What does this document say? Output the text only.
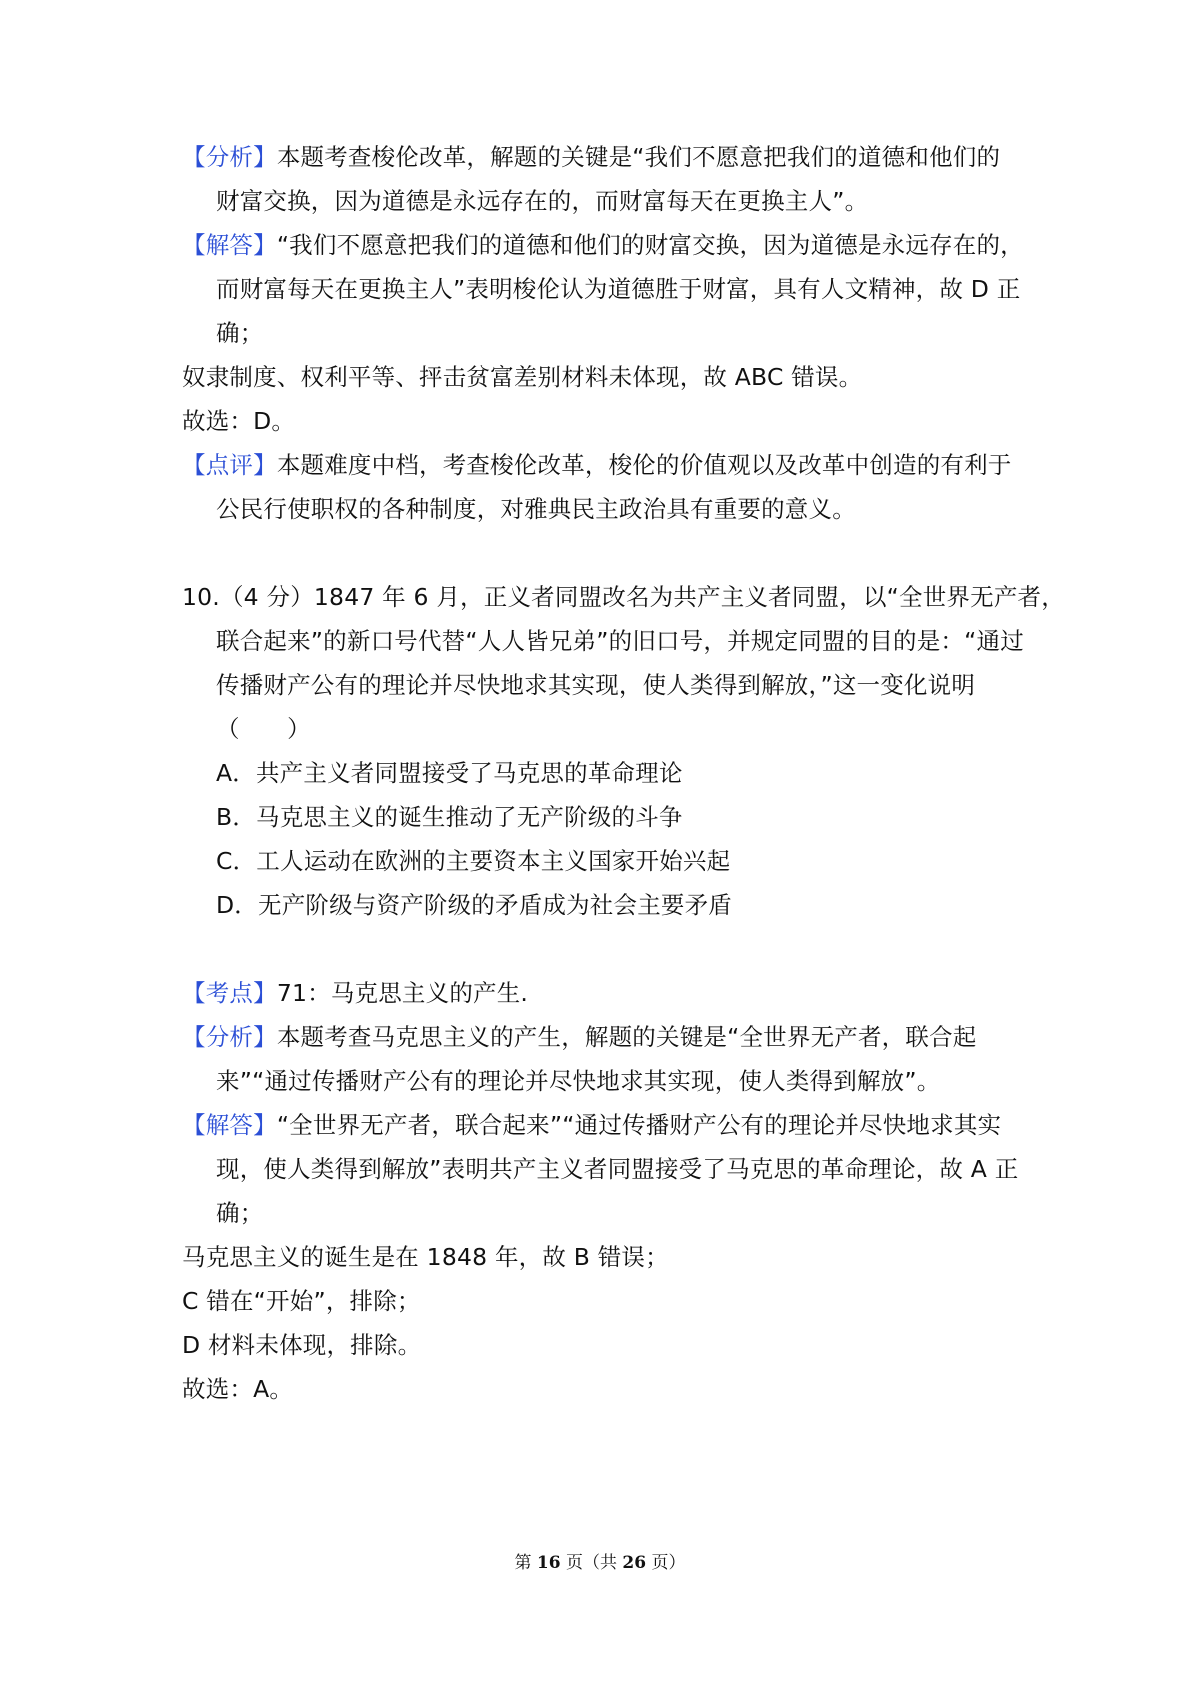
【分析】本题考查梭伦改革，解题的关键是“我们不愿意把我们的道德和他们的
财富交换，因为道德是永远存在的，而财富每天在更换主人”。
【解答】“我们不愿意把我们的道德和他们的财富交换，因为道德是永远存在的，
而财富每天在更换主人”表明梭伦认为道德胜于财富，具有人文精神，故 D 正
确；
奴隶制度、权利平等、抨击贫富差别材料未体现，故 ABC 错误。
故选：D。
【点评】本题难度中档，考查梭伦改革，梭伦的价值观以及改革中创造的有利于
公民行使职权的各种制度，对雅典民主政治具有重要的意义。
10.（4 分）1847 年 6 月，正义者同盟改名为共产主义者同盟，以“全世界无产者，
联合起来”的新口号代替“人人皆兄弟”的旧口号，并规定同盟的目的是：“通过
传播财产公有的理论并尽快地求其实现，使人类得到解放，”这一变化说明
（　　）
A．共产主义者同盟接受了马克思的革命理论
B．马克思主义的诞生推动了无产阶级的斗争
C．工人运动在欧洲的主要资本主义国家开始兴起
D．无产阶级与资产阶级的矛盾成为社会主要矛盾
【考点】71：马克思主义的产生.
【分析】本题考查马克思主义的产生，解题的关键是“全世界无产者，联合起
来”“通过传播财产公有的理论并尽快地求其实现，使人类得到解放”。
【解答】“全世界无产者，联合起来”“通过传播财产公有的理论并尽快地求其实
现，使人类得到解放”表明共产主义者同盟接受了马克思的革命理论，故 A 正
确；
马克思主义的诞生是在 1848 年，故 B 错误；
C 错在“开始”，排除；
D 材料未体现，排除。
故选：A。
第 16 页（共 26 页）
